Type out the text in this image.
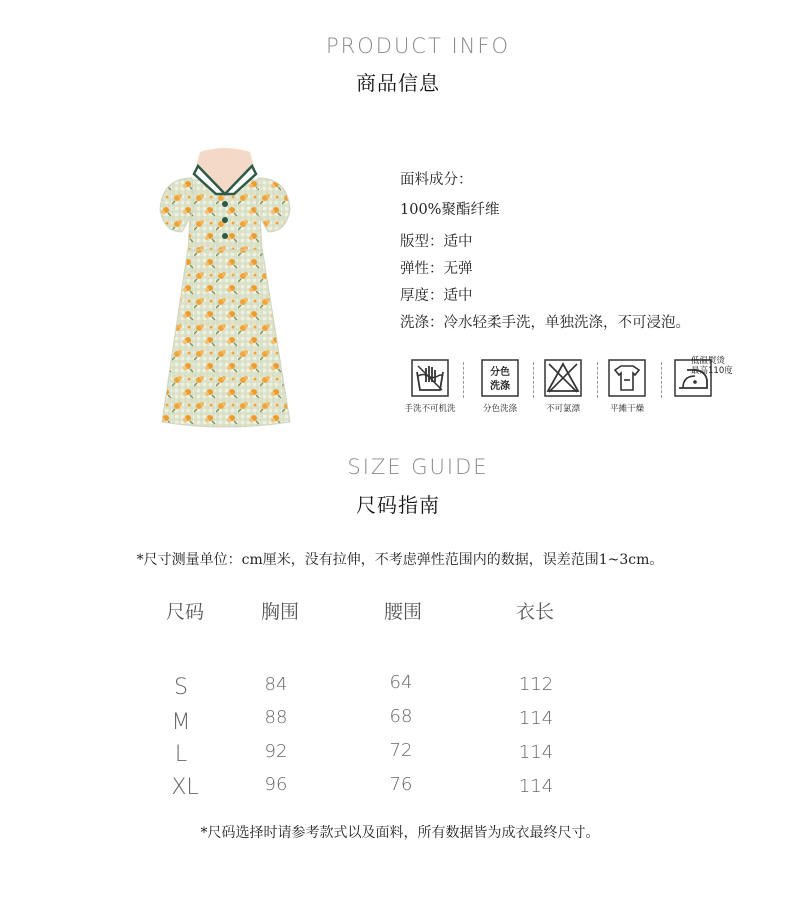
PRODUCT INFO
商品信息
面料成分：
100%聚酯纤维
版型：适中
弹性：无弹
厚度：适中
洗涤：冷水轻柔手洗，单独洗涤，不可浸泡。
手洗不可机洗
分色
洗涤
分色洗涤	不可氯漂	平摊干燥
低温熨烫
最高110度
SIZE GUIDE
尺码指南
*尺寸测量单位：cm厘米，没有拉伸，不考虑弹性范围内的数据，误差范围1~3cm。
尺码	胸围	腰围	衣长
S	84	64	112
M	88	68	114
L	92	72	114
XL	96	76	114
*尺码选择时请参考款式以及面料，所有数据皆为成衣最终尺寸。
